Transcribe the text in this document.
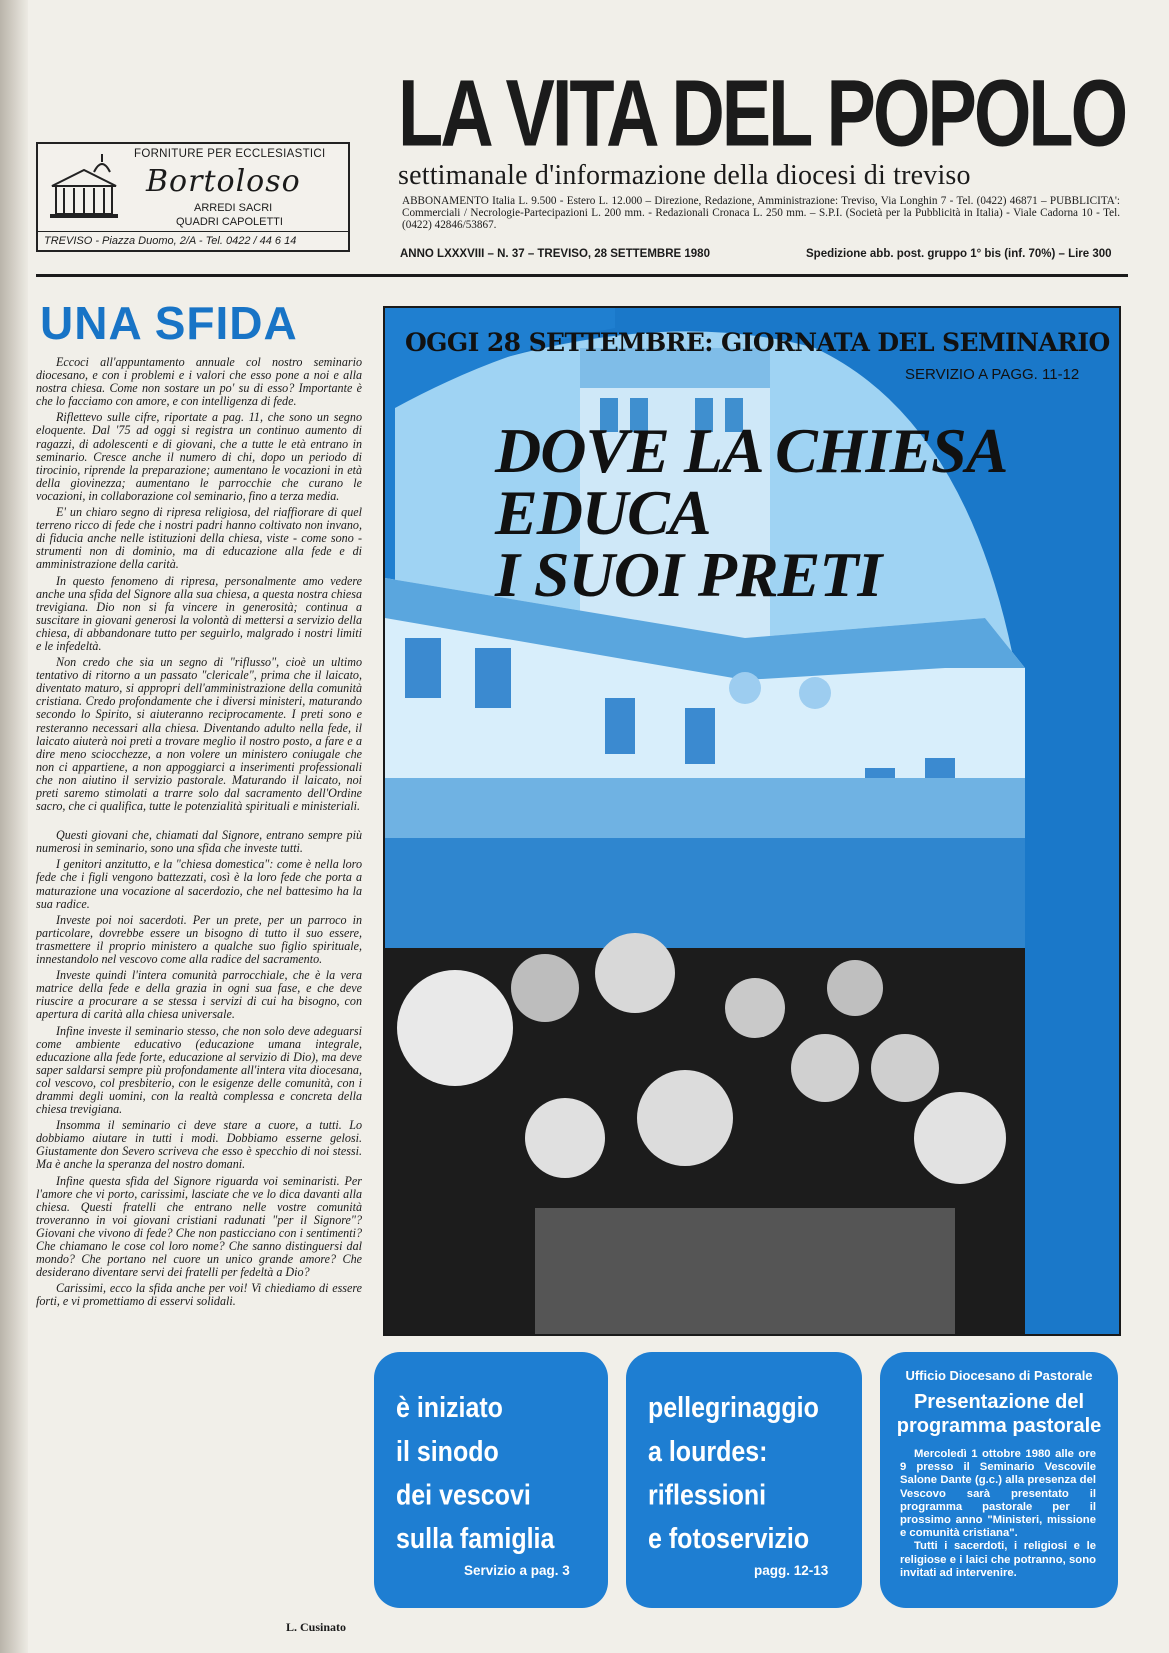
FORNITURE PER ECCLESIASTICI
Bortoloso
ARREDI SACRI
QUADRI CAPOLETTI
TREVISO - Piazza Duomo, 2/A - Tel. 0422 / 44 6 14
LA VITA DEL POPOLO
settimanale d'informazione della diocesi di treviso
ABBONAMENTO Italia L. 9.500 - Estero L. 12.000 – Direzione, Redazione, Amministrazione: Treviso, Via Longhin 7 - Tel. (0422) 46871 – PUBBLICITA': Commerciali / Necrologie-Partecipazioni L. 200 mm. - Redazionali Cronaca L. 250 mm. – S.P.I. (Società per la Pubblicità in Italia) - Viale Cadorna 10 - Tel. (0422) 42846/53867.
ANNO LXXXVIII – N. 37 – TREVISO, 28 SETTEMBRE 1980	Spedizione abb. post. gruppo 1° bis (inf. 70%) – Lire 300
UNA SFIDA

Eccoci all'appuntamento annuale col nostro seminario diocesano, e con i problemi e i valori che esso pone a noi e alla nostra chiesa. Come non sostare un po' su di esso? Importante è che lo facciamo con amore, e con intelligenza di fede.

Riflettevo sulle cifre, riportate a pag. 11, che sono un segno eloquente. Dal '75 ad oggi si registra un continuo aumento di ragazzi, di adolescenti e di giovani, che a tutte le età entrano in seminario. Cresce anche il numero di chi, dopo un periodo di tirocinio, riprende la preparazione; aumentano le vocazioni in età della giovinezza; aumentano le parrocchie che curano le vocazioni, in collaborazione col seminario, fino a terza media.

E' un chiaro segno di ripresa religiosa, del riaffiorare di quel terreno ricco di fede che i nostri padri hanno coltivato non invano, di fiducia anche nelle istituzioni della chiesa, viste - come sono - strumenti non di dominio, ma di educazione alla fede e di amministrazione della carità.

In questo fenomeno di ripresa, personalmente amo vedere anche una sfida del Signore alla sua chiesa, a questa nostra chiesa trevigiana. Dio non si fa vincere in generosità; continua a suscitare in giovani generosi la volontà di mettersi a servizio della chiesa, di abbandonare tutto per seguirlo, malgrado i nostri limiti e le infedeltà.

Non credo che sia un segno di "riflusso", cioè un ultimo tentativo di ritorno a un passato "clericale", prima che il laicato, diventato maturo, si appropri dell'amministrazione della comunità cristiana. Credo profondamente che i diversi ministeri, maturando secondo lo Spirito, si aiuteranno reciprocamente. I preti sono e resteranno necessari alla chiesa. Diventando adulto nella fede, il laicato aiuterà noi preti a trovare meglio il nostro posto, a fare e a dire meno sciocchezze, a non volere un ministero coniugale che non ci appartiene, a non appoggiarci a inserimenti professionali che non aiutino il servizio pastorale. Maturando il laicato, noi preti saremo stimolati a trarre solo dal sacramento dell'Ordine sacro, che ci qualifica, tutte le potenzialità spirituali e ministeriali.

Questi giovani che, chiamati dal Signore, entrano sempre più numerosi in seminario, sono una sfida che investe tutti.

I genitori anzitutto, e la "chiesa domestica": come è nella loro fede che i figli vengono battezzati, così è la loro fede che porta a maturazione una vocazione al sacerdozio, che nel battesimo ha la sua radice.

Investe poi noi sacerdoti. Per un prete, per un parroco in particolare, dovrebbe essere un bisogno di tutto il suo essere, trasmettere il proprio ministero a qualche suo figlio spirituale, innestandolo nel vescovo come alla radice del sacramento.

Investe quindi l'intera comunità parrocchiale, che è la vera matrice della fede e della grazia in ogni sua fase, e che deve riuscire a procurare a se stessa i servizi di cui ha bisogno, con apertura di carità alla chiesa universale.

Infine investe il seminario stesso, che non solo deve adeguarsi come ambiente educativo (educazione umana integrale, educazione alla fede forte, educazione al servizio di Dio), ma deve saper saldarsi sempre più profondamente all'intera vita diocesana, col vescovo, col presbiterio, con le esigenze delle comunità, con i drammi degli uomini, con la realtà complessa e concreta della chiesa trevigiana.

Insomma il seminario ci deve stare a cuore, a tutti. Lo dobbiamo aiutare in tutti i modi. Dobbiamo esserne gelosi. Giustamente don Severo scriveva che esso è specchio di noi stessi. Ma è anche la speranza del nostro domani.

Infine questa sfida del Signore riguarda voi seminaristi. Per l'amore che vi porto, carissimi, lasciate che ve lo dica davanti alla chiesa. Questi fratelli che entrano nelle vostre comunità troveranno in voi giovani cristiani radunati "per il Signore"? Giovani che vivono di fede? Che non pasticciano con i sentimenti? Che chiamano le cose col loro nome? Che sanno distinguersi dal mondo? Che portano nel cuore un unico grande amore? Che desiderano diventare servi dei fratelli per fedeltà a Dio?

Carissimi, ecco la sfida anche per voi! Vi chiediamo di essere forti, e vi promettiamo di esservi solidali.

L. Cusinato
OGGI 28 SETTEMBRE: GIORNATA DEL SEMINARIO
SERVIZIO A PAGG. 11-12
DOVE LA CHIESA
EDUCA
I SUOI PRETI
è iniziato
il sinodo
dei vescovi
sulla famiglia
Servizio a pag. 3
pellegrinaggio
a lourdes:
riflessioni
e fotoservizio
pagg. 12-13
Ufficio Diocesano di Pastorale
Presentazione del
programma pastorale

Mercoledì 1 ottobre 1980 alle ore 9 presso il Seminario Vescovile Salone Dante (g.c.) alla presenza del Vescovo sarà presentato il programma pastorale per il prossimo anno "Ministeri, missione e comunità cristiana".

Tutti i sacerdoti, i religiosi e le religiose e i laici che potranno, sono invitati ad intervenire.
